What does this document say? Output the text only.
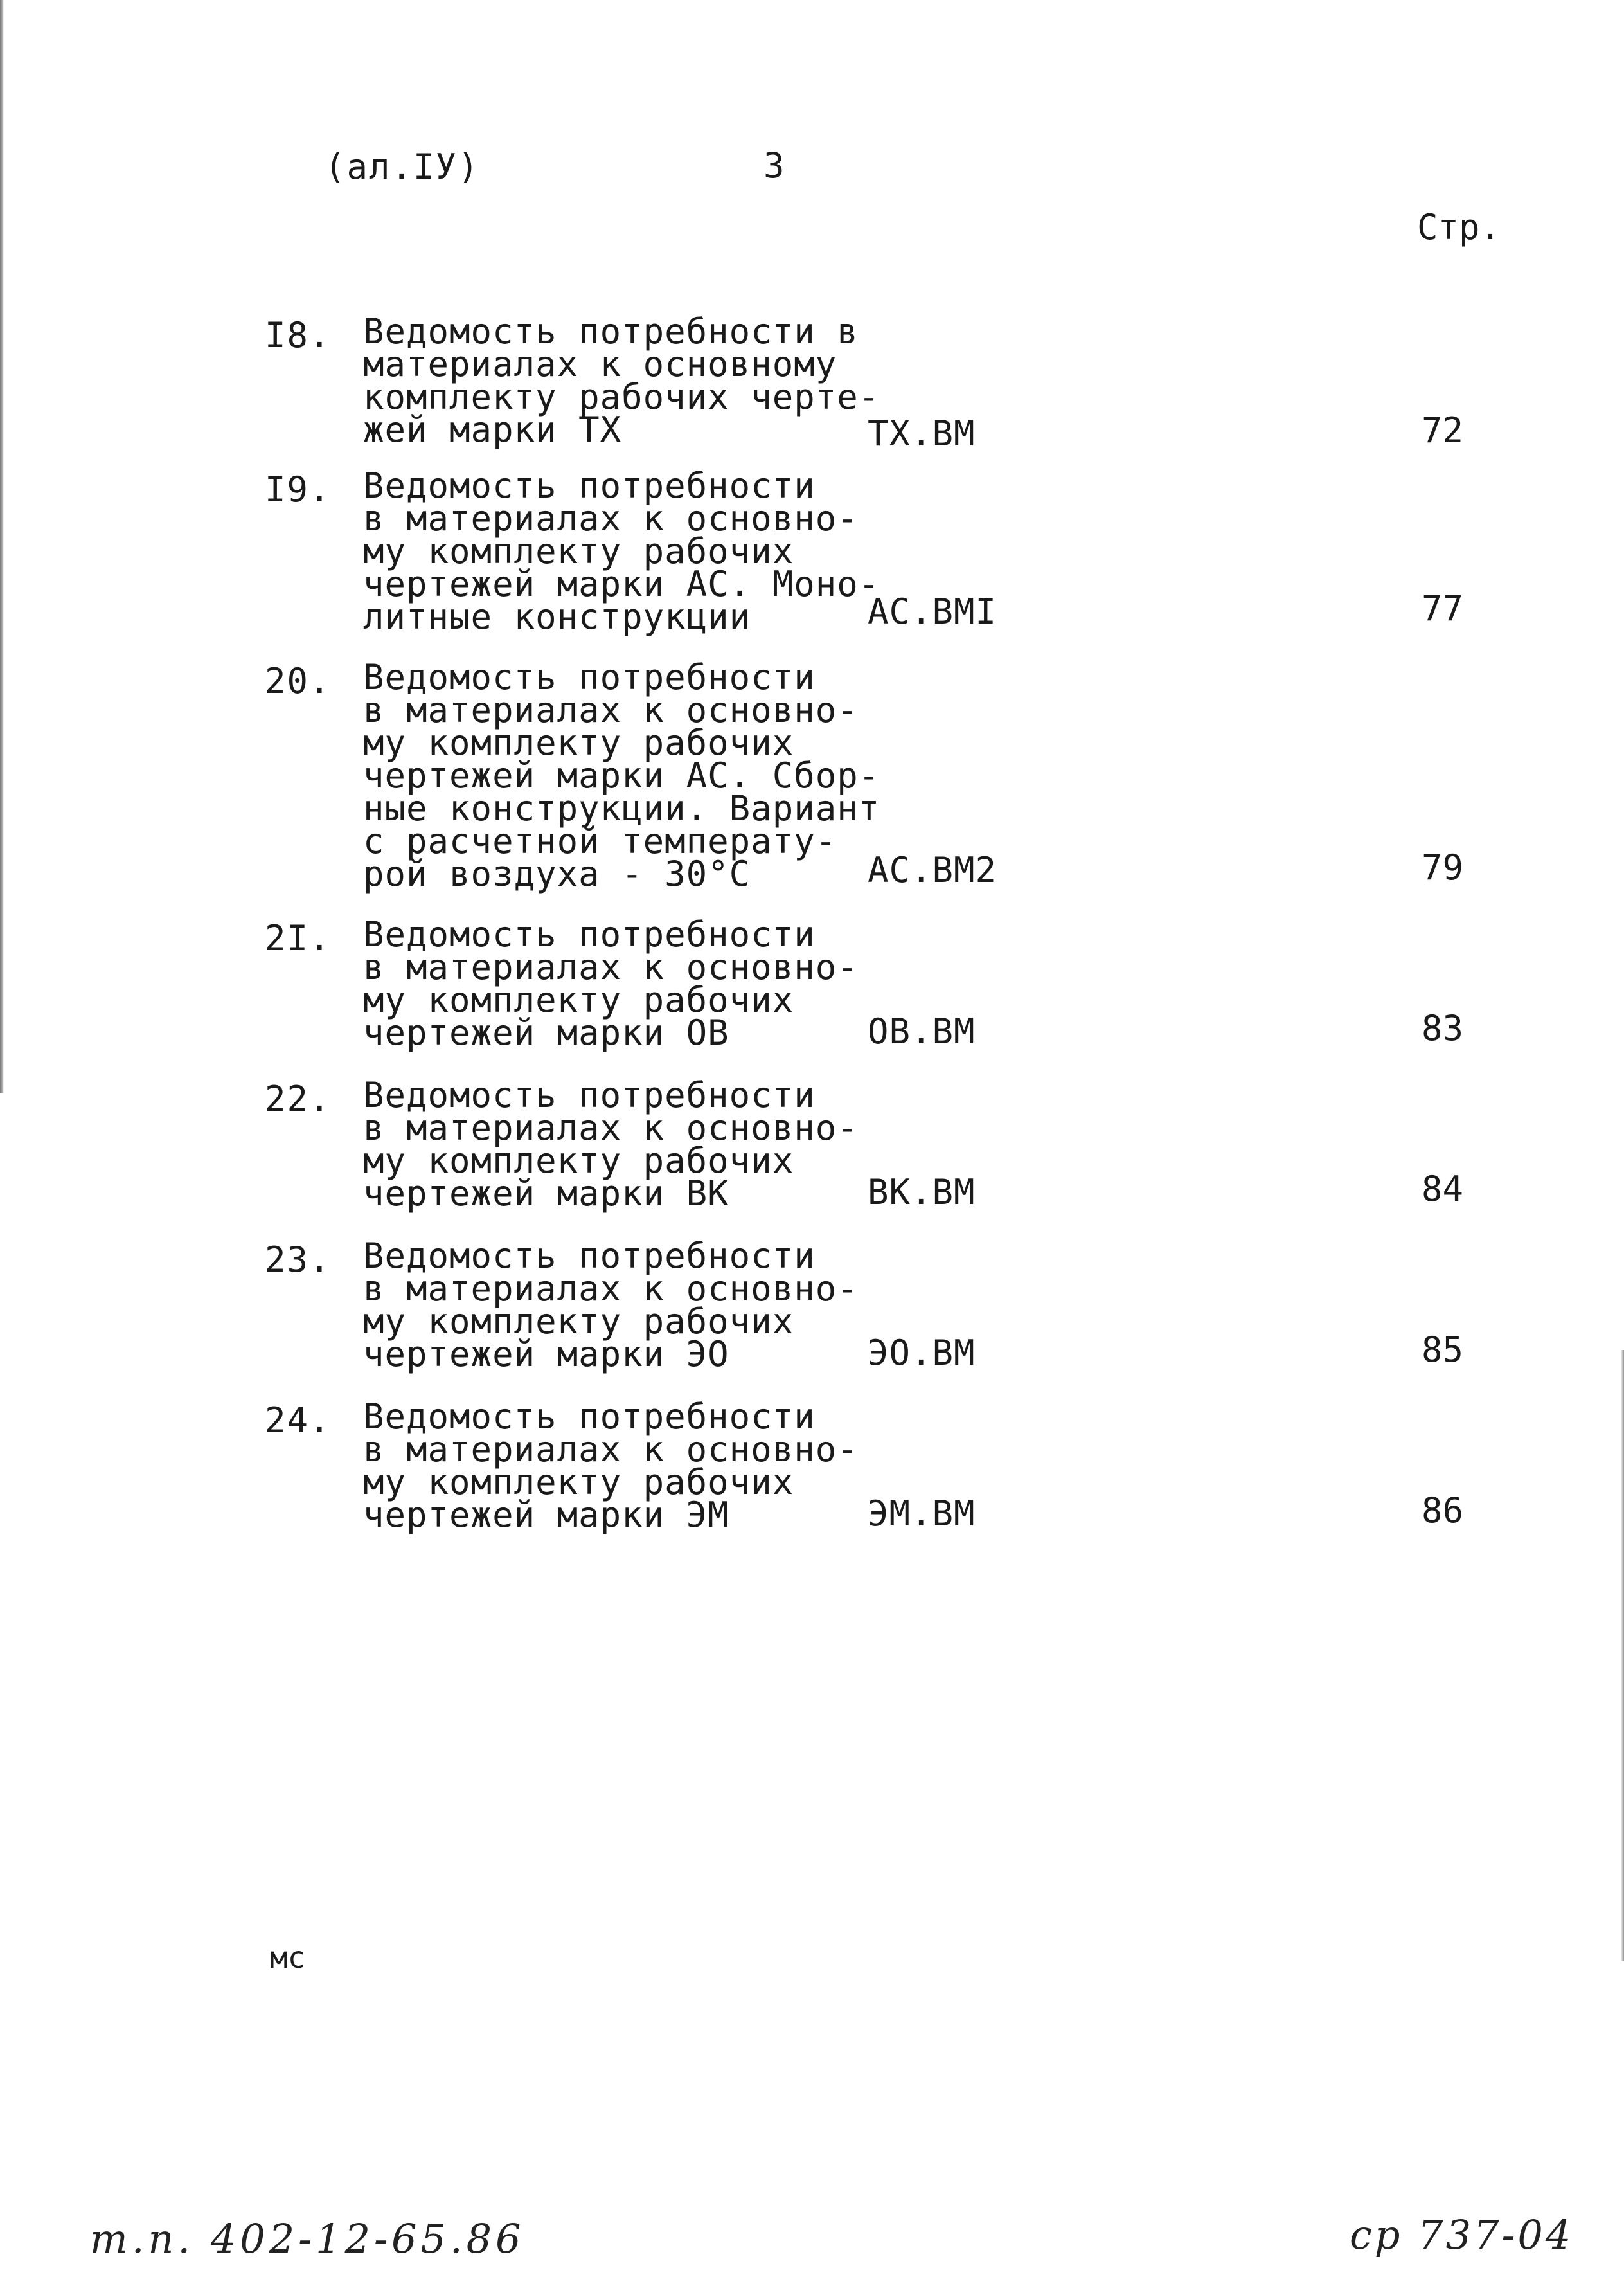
(ал.IУ)	3
Стр.
I8. Ведомость потребности в
материалах к основному
комплекту рабочих черте-
жей марки ТХ	ТХ.ВМ	72
I9. Ведомость потребности
в материалах к основно-
му комплекту рабочих
чертежей марки АС. Моно-
литные конструкции	АС.ВМI	77
20. Ведомость потребности
в материалах к основно-
му комплекту рабочих
чертежей марки АС. Сбор-
ные конструкции. Вариант
с расчетной температу-
рой воздуха - 30°С	АС.ВМ2	79
2I. Ведомость потребности
в материалах к основно-
му комплекту рабочих
чертежей марки ОВ	ОВ.ВМ	83
22. Ведомость потребности
в материалах к основно-
му комплекту рабочих
чертежей марки ВК	ВК.ВМ	84
23. Ведомость потребности
в материалах к основно-
му комплекту рабочих
чертежей марки ЭО	ЭО.ВМ	85
24. Ведомость потребности
в материалах к основно-
му комплекту рабочих
чертежей марки ЭМ	ЭМ.ВМ	86
мс
т.п. 402-12-65.86	ср 737-04
